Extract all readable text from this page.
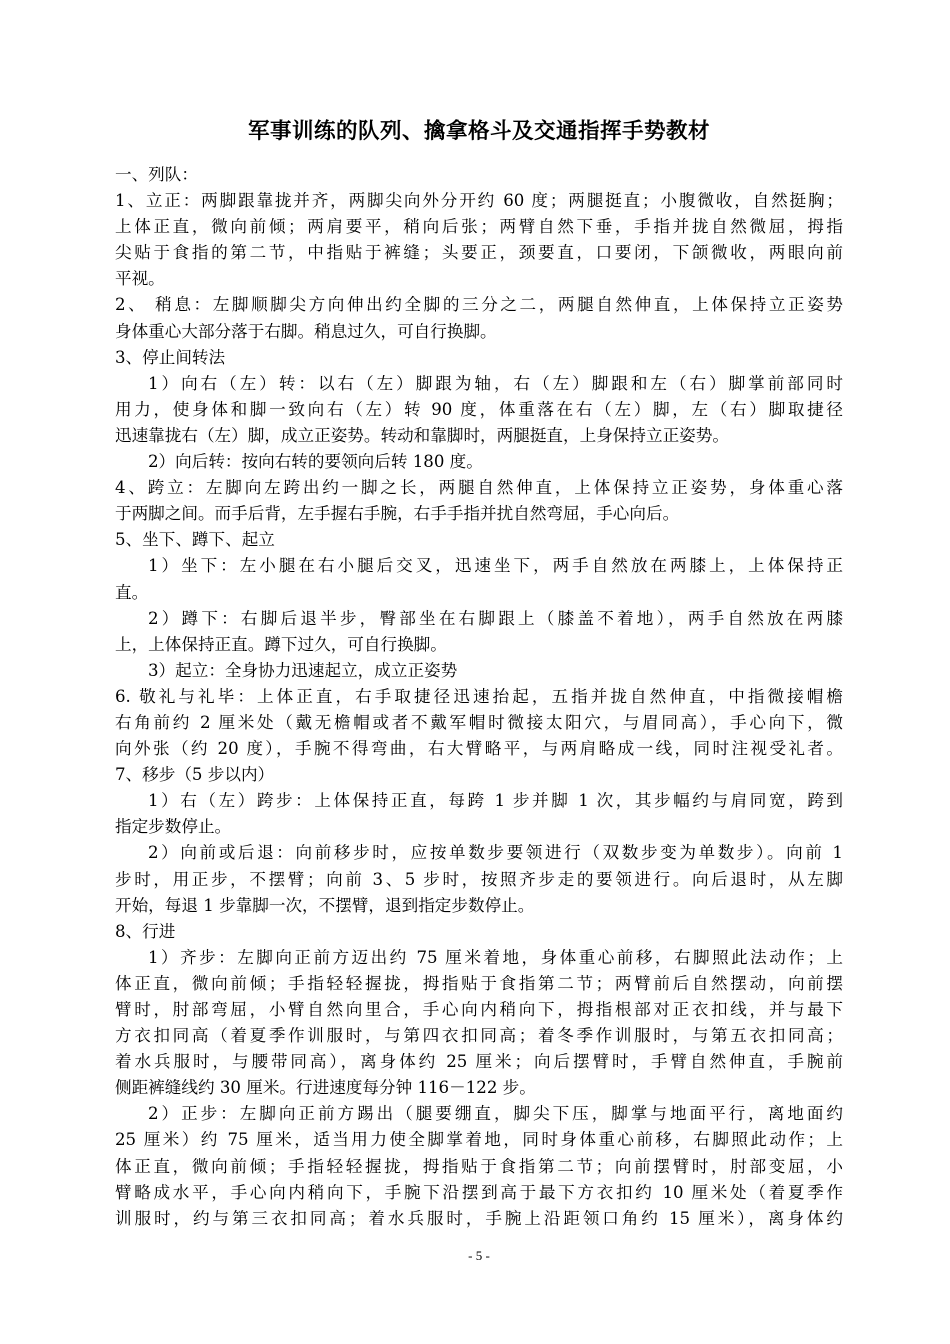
军事训练的队列、擒拿格斗及交通指挥手势教材
一、列队：
1、立正：两脚跟靠拢并齐，两脚尖向外分开约 60 度；两腿挺直；小腹微收，自然挺胸；
上体正直，微向前倾；两肩要平，稍向后张；两臂自然下垂，手指并拢自然微屈，拇指
尖贴于食指的第二节，中指贴于裤缝；头要正，颈要直，口要闭，下颌微收，两眼向前
平视。
2、 稍息：左脚顺脚尖方向伸出约全脚的三分之二，两腿自然伸直，上体保持立正姿势
身体重心大部分落于右脚。稍息过久，可自行换脚。
3、停止间转法
1）向右（左）转：以右（左）脚跟为轴，右（左）脚跟和左（右）脚掌前部同时
用力，使身体和脚一致向右（左）转 90 度，体重落在右（左）脚，左（右）脚取捷径
迅速靠拢右（左）脚，成立正姿势。转动和靠脚时，两腿挺直，上身保持立正姿势。
2）向后转：按向右转的要领向后转 180 度。
4、跨立：左脚向左跨出约一脚之长，两腿自然伸直，上体保持立正姿势，身体重心落
于两脚之间。而手后背，左手握右手腕，右手手指并扰自然弯屈，手心向后。
5、坐下、蹲下、起立
1）坐下：左小腿在右小腿后交叉，迅速坐下，两手自然放在两膝上，上体保持正
直。
2）蹲下：右脚后退半步，臀部坐在右脚跟上（膝盖不着地），两手自然放在两膝
上，上体保持正直。蹲下过久，可自行换脚。
3）起立：全身协力迅速起立，成立正姿势
6. 敬礼与礼毕：上体正直，右手取捷径迅速抬起，五指并拢自然伸直，中指微接帽檐
右角前约 2 厘米处（戴无檐帽或者不戴军帽时微接太阳穴，与眉同高），手心向下，微
向外张（约 20 度），手腕不得弯曲，右大臂略平，与两肩略成一线，同时注视受礼者。
7、移步（5 步以内）
1）右（左）跨步：上体保持正直，每跨 1 步并脚 1 次，其步幅约与肩同宽，跨到
指定步数停止。
2）向前或后退：向前移步时，应按单数步要领进行（双数步变为单数步）。向前 1
步时，用正步，不摆臂；向前 3、5 步时，按照齐步走的要领进行。向后退时，从左脚
开始，每退 1 步靠脚一次，不摆臂，退到指定步数停止。
8、行进
1）齐步：左脚向正前方迈出约 75 厘米着地，身体重心前移，右脚照此法动作；上
体正直，微向前倾；手指轻轻握拢，拇指贴于食指第二节；两臂前后自然摆动，向前摆
臂时，肘部弯屈，小臂自然向里合，手心向内稍向下，拇指根部对正衣扣线，并与最下
方衣扣同高（着夏季作训服时，与第四衣扣同高；着冬季作训服时，与第五衣扣同高；
着水兵服时，与腰带同高），离身体约 25 厘米；向后摆臂时，手臂自然伸直，手腕前
侧距裤缝线约 30 厘米。行进速度每分钟 116－122 步。
2）正步：左脚向正前方踢出（腿要绷直，脚尖下压，脚掌与地面平行，离地面约
25 厘米）约 75 厘米，适当用力使全脚掌着地，同时身体重心前移，右脚照此动作；上
体正直，微向前倾；手指轻轻握拢，拇指贴于食指第二节；向前摆臂时，肘部变屈，小
臂略成水平，手心向内稍向下，手腕下沿摆到高于最下方衣扣约 10 厘米处（着夏季作
训服时，约与第三衣扣同高；着水兵服时，手腕上沿距领口角约 15 厘米），离身体约
- 5 -
